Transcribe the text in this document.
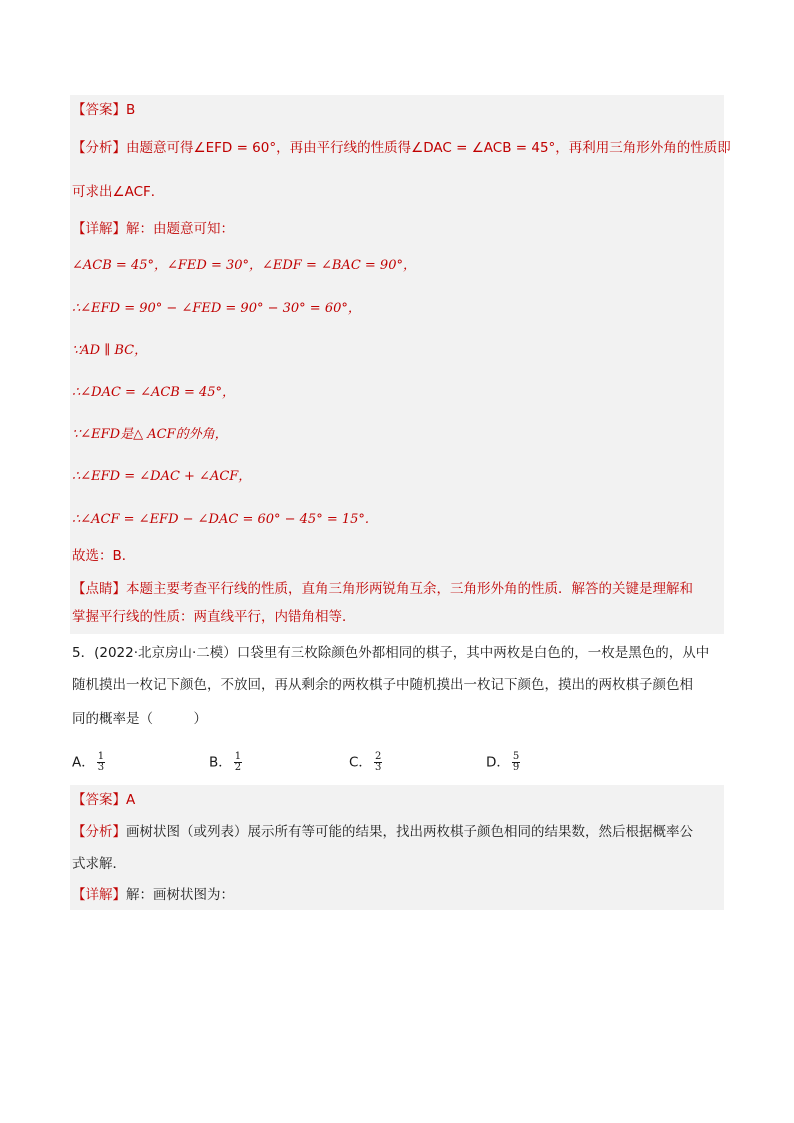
【答案】B
【分析】由题意可得∠EFD = 60°，再由平行线的性质得∠DAC = ∠ACB = 45°，再利用三角形外角的性质即
可求出∠ACF．
【详解】解：由题意可知：
∠ACB = 45°，∠FED = 30°，∠EDF = ∠BAC = 90°，
∴∠EFD = 90° − ∠FED = 90° − 30° = 60°，
∵AD ∥ BC，
∴∠DAC = ∠ACB = 45°，
∵∠EFD是△ ACF的外角，
∴∠EFD = ∠DAC + ∠ACF，
∴∠ACF = ∠EFD − ∠DAC = 60° − 45° = 15°.
故选：B．
【点睛】本题主要考查平行线的性质，直角三角形两锐角互余，三角形外角的性质．解答的关键是理解和
掌握平行线的性质：两直线平行，内错角相等．
5．(2022·北京房山·二模）口袋里有三枚除颜色外都相同的棋子，其中两枚是白色的，一枚是黑色的，从中
随机摸出一枚记下颜色，不放回，再从剩余的两枚棋子中随机摸出一枚记下颜色，摸出的两枚棋子颜色相
同的概率是（　　　）
A． $\frac{1}{3}$	B． $\frac{1}{2}$	C． $\frac{2}{3}$	D． $\frac{5}{9}$
【答案】A
【分析】画树状图（或列表）展示所有等可能的结果，找出两枚棋子颜色相同的结果数，然后根据概率公
式求解．
【详解】解：画树状图为：
